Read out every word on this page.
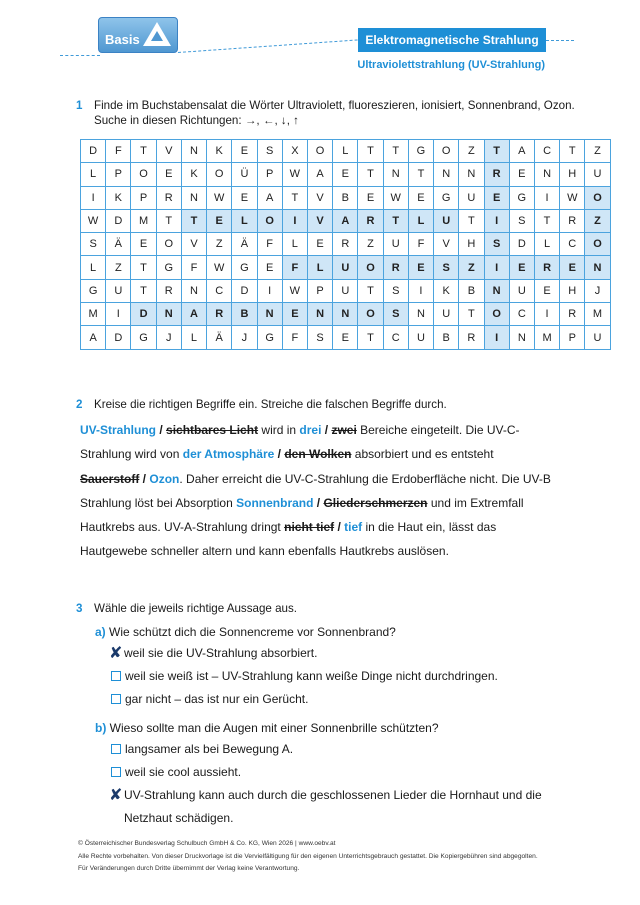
Basis	Elektromagnetische Strahlung
Ultraviolettstrahlung (UV-Strahlung)
1 Finde im Buchstabensalat die Wörter Ultraviolett, fluoreszieren, ionisiert, Sonnenbrand, Ozon.
Suche in diesen Richtungen: →, ←, ↓, ↑
D	F	T	V	N	K	E	S	X	O	L	T	T	G	O	Z	T	A	C	T	Z
L	P	O	E	K	O	Ü	P	W	A	E	T	N	T	N	N	R	E	N	H	U
I	K	P	R	N	W	E	A	T	V	B	E	W	E	G	U	E	G	I	W	O
W	D	M	T	T	E	L	O	I	V	A	R	T	L	U	T	I	S	T	R	Z
S	Ä	E	O	V	Z	Ä	F	L	E	R	Z	U	F	V	H	S	D	L	C	O
L	Z	T	G	F	W	G	E	F	L	U	O	R	E	S	Z	I	E	R	E	N
G	U	T	R	N	C	D	I	W	P	U	T	S	I	K	B	N	U	E	H	J
M	I	D	N	A	R	B	N	E	N	N	O	S	N	U	T	O	C	I	R	M
A	D	G	J	L	Ä	J	G	F	S	E	T	C	U	B	R	I	N	M	P	U
2 Kreise die richtigen Begriffe ein. Streiche die falschen Begriffe durch.
UV-Strahlung / sichtbares Licht wird in drei / zwei Bereiche eingeteilt. Die UV-C-Strahlung wird von der Atmosphäre / den Wolken absorbiert und es entsteht Sauerstoff / Ozon. Daher erreicht die UV-C-Strahlung die Erdoberfläche nicht. Die UV-B Strahlung löst bei Absorption Sonnenbrand / Gliederschmerzen und im Extremfall Hautkrebs aus. UV-A-Strahlung dringt nicht tief / tief in die Haut ein, lässt das Hautgewebe schneller altern und kann ebenfalls Hautkrebs auslösen.
3 Wähle die jeweils richtige Aussage aus.
a) Wie schützt dich die Sonnencreme vor Sonnenbrand?
✘ weil sie die UV-Strahlung absorbiert.
weil sie weiß ist – UV-Strahlung kann weiße Dinge nicht durchdringen.
gar nicht – das ist nur ein Gerücht.
b) Wieso sollte man die Augen mit einer Sonnenbrille schützten?
langsamer als bei Bewegung A.
weil sie cool aussieht.
✘ UV-Strahlung kann auch durch die geschlossenen Lieder die Hornhaut und die
Netzhaut schädigen.
© Österreichischer Bundesverlag Schulbuch GmbH & Co. KG, Wien 2026 | www.oebv.at
Alle Rechte vorbehalten. Von dieser Druckvorlage ist die Vervielfältigung für den eigenen Unterrichtsgebrauch gestattet. Die Kopiergebühren sind abgegolten.
Für Veränderungen durch Dritte übernimmt der Verlag keine Verantwortung.
